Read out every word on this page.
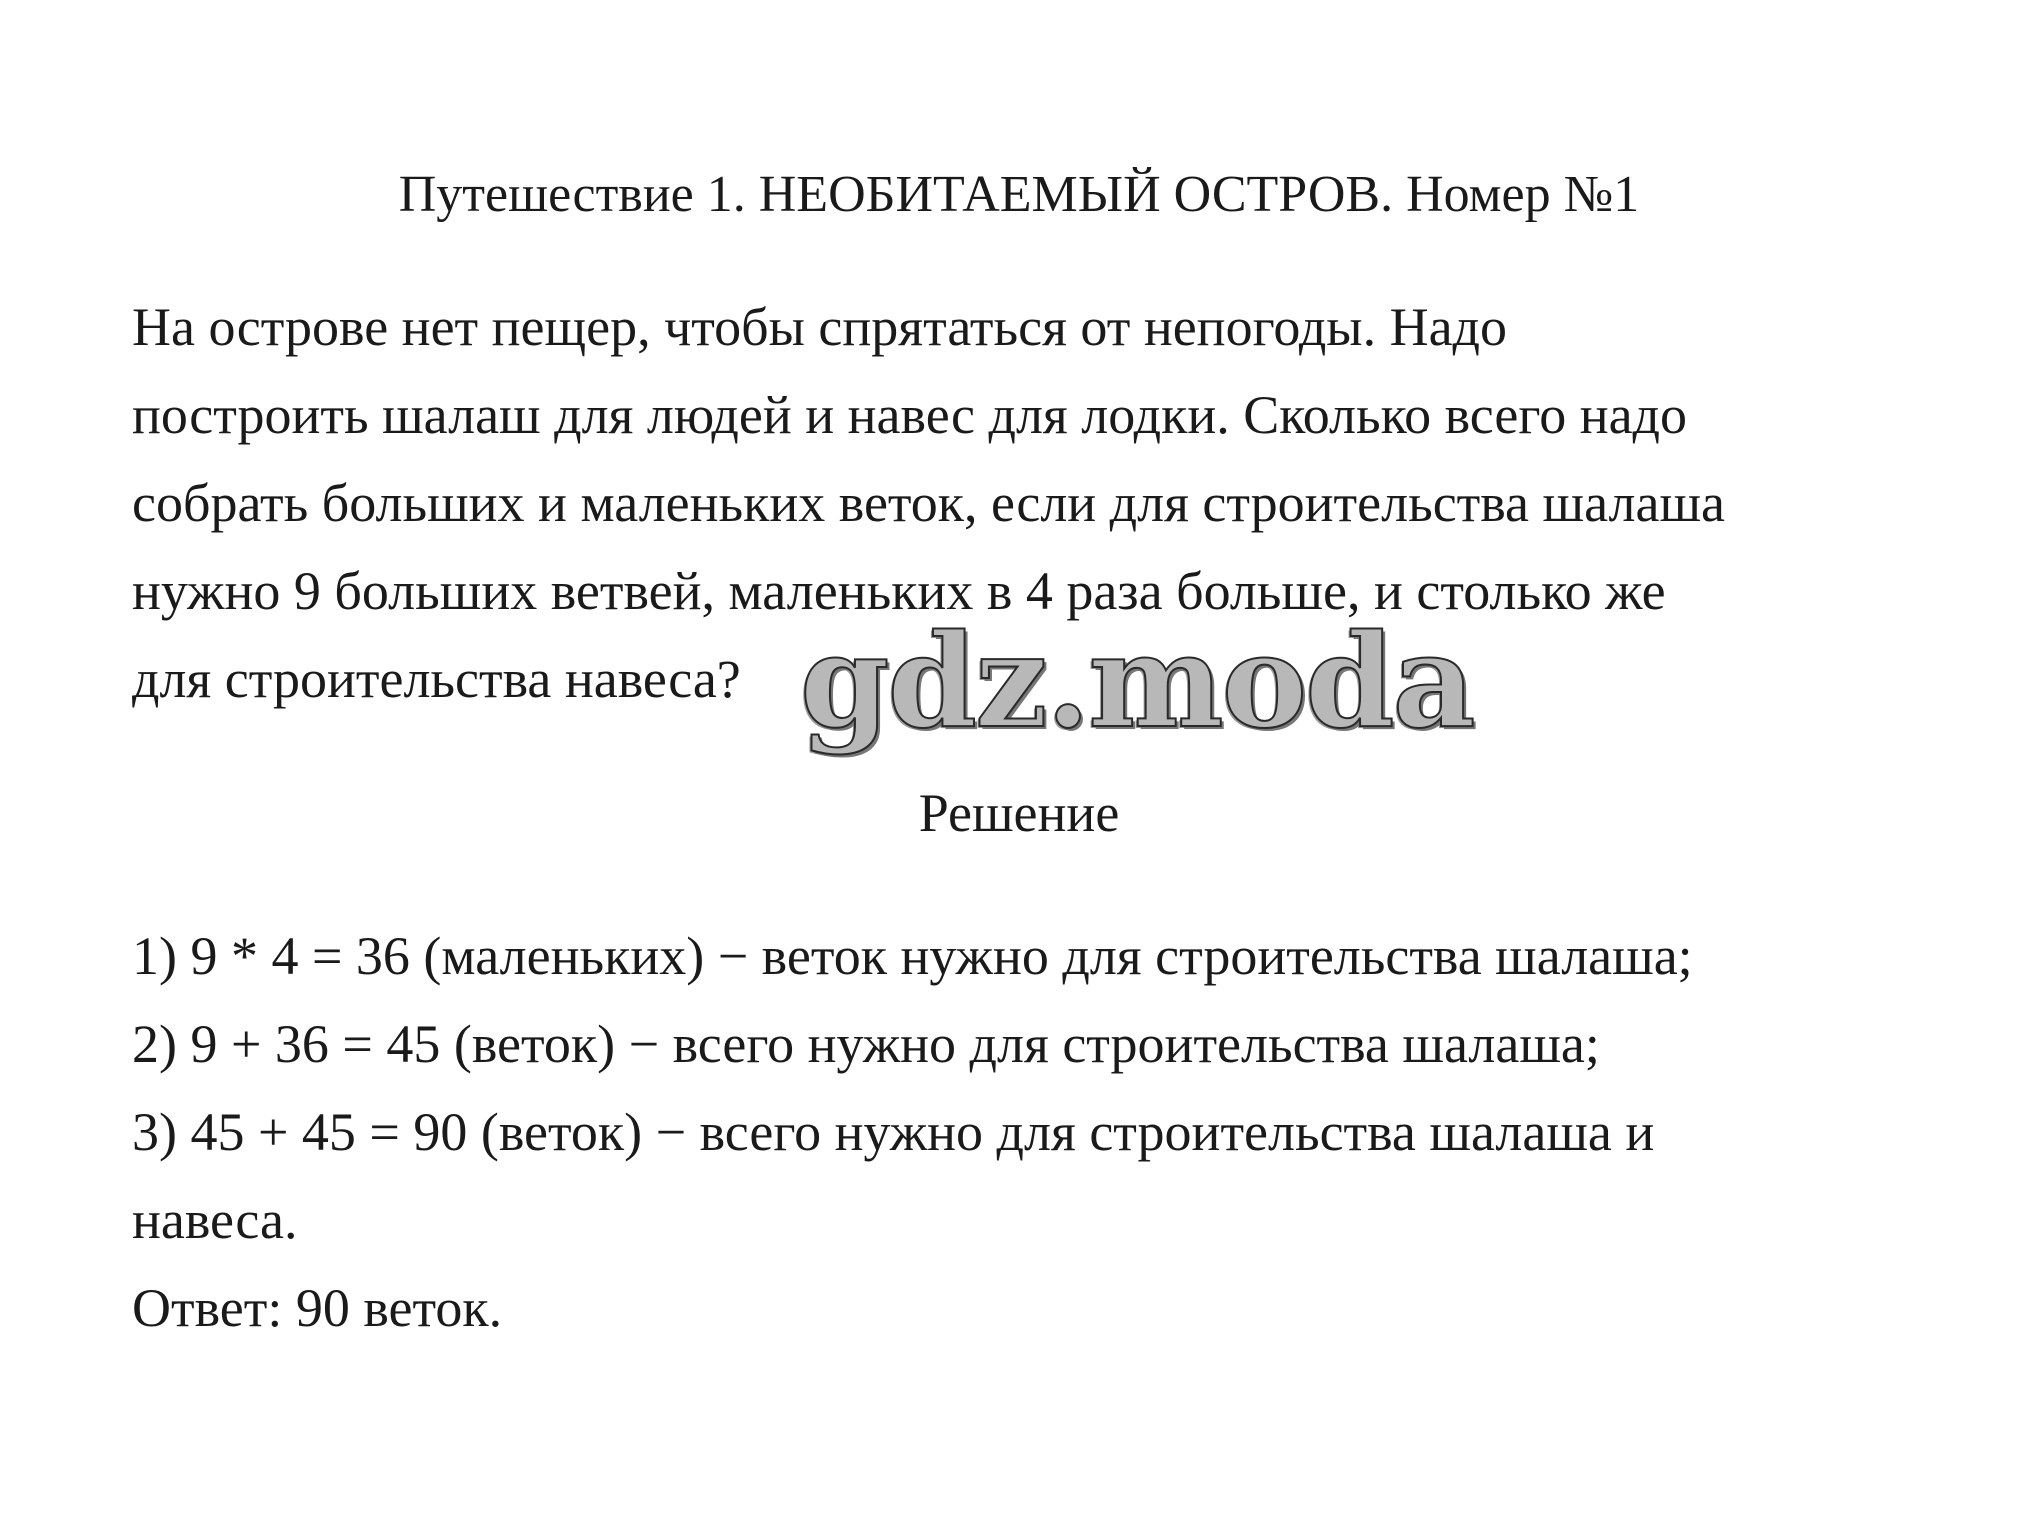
Путешествие 1. НЕОБИТАЕМЫЙ ОСТРОВ. Номер №1
На острове нет пещер, чтобы спрятаться от непогоды. Надо
построить шалаш для людей и навес для лодки. Сколько всего надо
собрать больших и маленьких веток, если для строительства шалаша
нужно 9 больших ветвей, маленьких в 4 раза больше, и столько же
для строительства навеса? gdz.moda
Решение
1) 9 * 4 = 36 (маленьких) − веток нужно для строительства шалаша;
2) 9 + 36 = 45 (веток) − всего нужно для строительства шалаша;
3) 45 + 45 = 90 (веток) − всего нужно для строительства шалаша и
навеса.
Ответ: 90 веток.
